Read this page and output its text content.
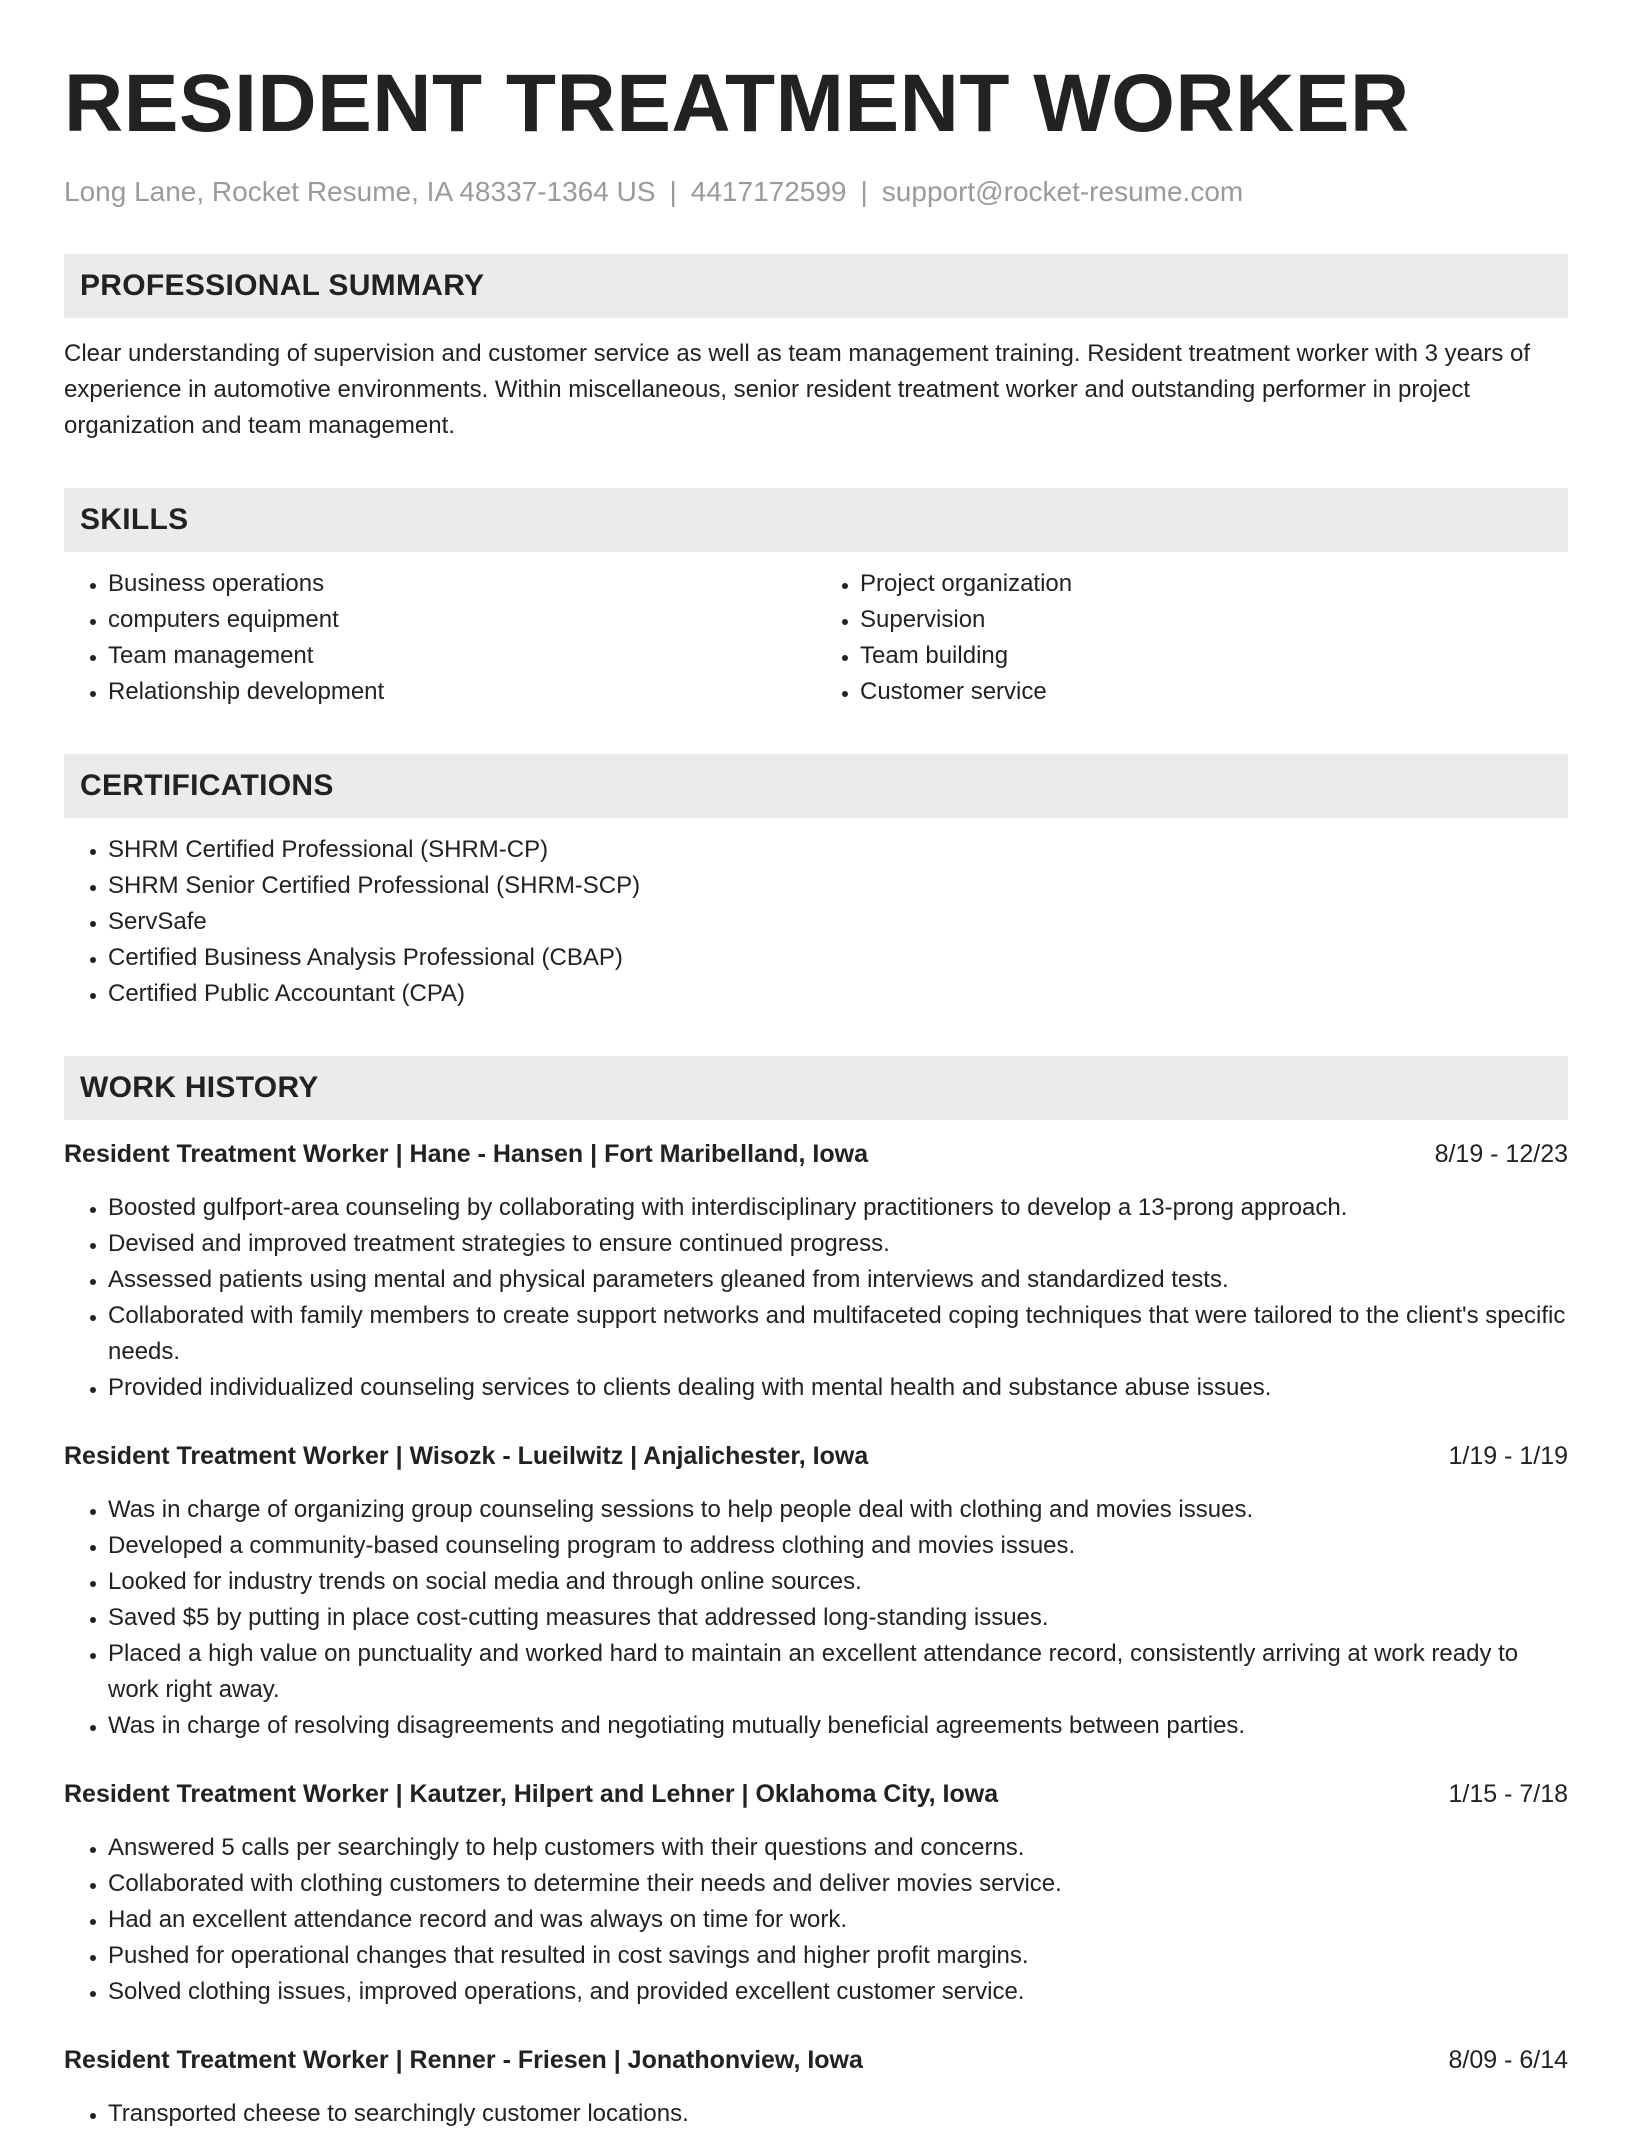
RESIDENT TREATMENT WORKER
Long Lane, Rocket Resume, IA 48337-1364 US | 4417172599 | support@rocket-resume.com
PROFESSIONAL SUMMARY

Clear understanding of supervision and customer service as well as team management training. Resident treatment worker with 3 years of experience in automotive environments. Within miscellaneous, senior resident treatment worker and outstanding performer in project organization and team management.

SKILLS
• Business operations
• computers equipment
• Team management
• Relationship development
• Project organization
• Supervision
• Team building
• Customer service
CERTIFICATIONS
• SHRM Certified Professional (SHRM-CP)
• SHRM Senior Certified Professional (SHRM-SCP)
• ServSafe
• Certified Business Analysis Professional (CBAP)
• Certified Public Accountant (CPA)
WORK HISTORY
Resident Treatment Worker | Hane - Hansen | Fort Maribelland, Iowa	8/19 - 12/23
• Boosted gulfport-area counseling by collaborating with interdisciplinary practitioners to develop a 13-prong approach.
• Devised and improved treatment strategies to ensure continued progress.
• Assessed patients using mental and physical parameters gleaned from interviews and standardized tests.
• Collaborated with family members to create support networks and multifaceted coping techniques that were tailored to the client's specific needs.
• Provided individualized counseling services to clients dealing with mental health and substance abuse issues.
Resident Treatment Worker | Wisozk - Lueilwitz | Anjalichester, Iowa	1/19 - 1/19
• Was in charge of organizing group counseling sessions to help people deal with clothing and movies issues.
• Developed a community-based counseling program to address clothing and movies issues.
• Looked for industry trends on social media and through online sources.
• Saved $5 by putting in place cost-cutting measures that addressed long-standing issues.
• Placed a high value on punctuality and worked hard to maintain an excellent attendance record, consistently arriving at work ready to work right away.
• Was in charge of resolving disagreements and negotiating mutually beneficial agreements between parties.
Resident Treatment Worker | Kautzer, Hilpert and Lehner | Oklahoma City, Iowa	1/15 - 7/18
• Answered 5 calls per searchingly to help customers with their questions and concerns.
• Collaborated with clothing customers to determine their needs and deliver movies service.
• Had an excellent attendance record and was always on time for work.
• Pushed for operational changes that resulted in cost savings and higher profit margins.
• Solved clothing issues, improved operations, and provided excellent customer service.
Resident Treatment Worker | Renner - Friesen | Jonathonview, Iowa	8/09 - 6/14
• Transported cheese to searchingly customer locations.
